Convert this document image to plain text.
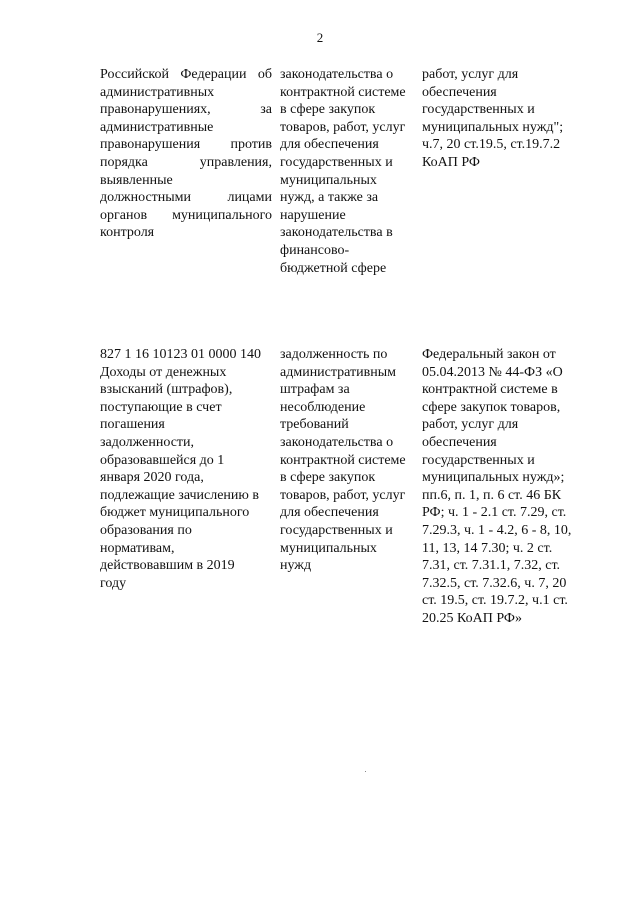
2
Российской Федерации об
административных
правонарушениях, за
административные
правонарушения против
порядка управления,
выявленные
должностными лицами
органов муниципального
контроля
законодательства о
контрактной системе
в сфере закупок
товаров, работ, услуг
для обеспечения
государственных и
муниципальных
нужд, а также за
нарушение
законодательства в
финансово-
бюджетной сфере
работ, услуг для
обеспечения
государственных и
муниципальных нужд";
ч.7, 20 ст.19.5, ст.19.7.2
КоАП РФ
827 1 16 10123 01 0000 140
Доходы от денежных
взысканий (штрафов),
поступающие в счет
погашения
задолженности,
образовавшейся до 1
января 2020 года,
подлежащие зачислению в
бюджет муниципального
образования по
нормативам,
действовавшим в 2019
году
задолженность по
административным
штрафам за
несоблюдение
требований
законодательства о
контрактной системе
в сфере закупок
товаров, работ, услуг
для обеспечения
государственных и
муниципальных
нужд
Федеральный закон от
05.04.2013 № 44-ФЗ «О
контрактной системе в
сфере закупок товаров,
работ, услуг для
обеспечения
государственных и
муниципальных нужд»;
пп.6, п. 1, п. 6 ст. 46 БК
РФ; ч. 1 - 2.1 ст. 7.29, ст.
7.29.3, ч. 1 - 4.2, 6 - 8, 10,
11, 13, 14 7.30; ч. 2 ст.
7.31, ст. 7.31.1, 7.32, ст.
7.32.5, ст. 7.32.6, ч. 7, 20
ст. 19.5, ст. 19.7.2, ч.1 ст.
20.25 КоАП РФ»
